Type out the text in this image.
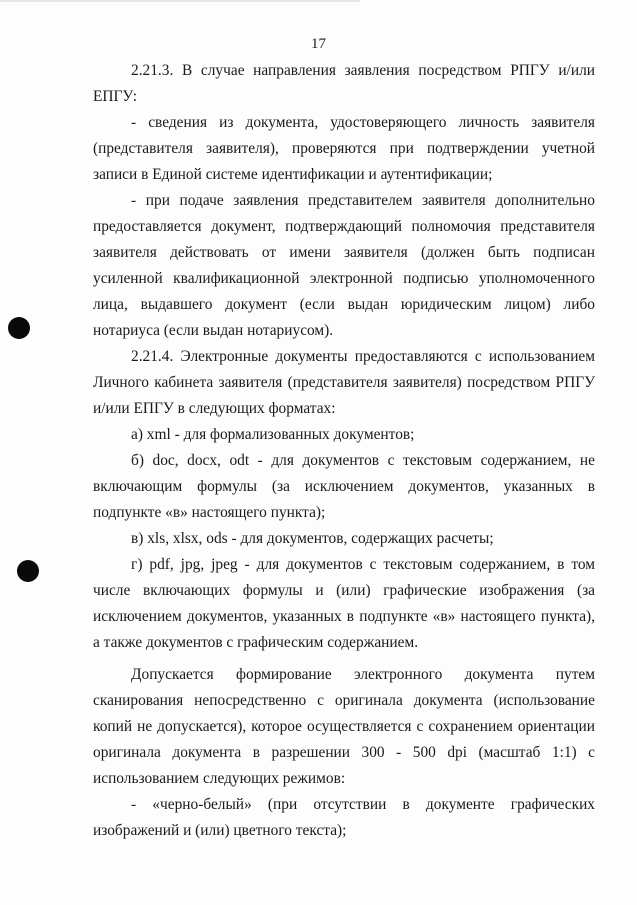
17

2.21.3. В случае направления заявления посредством РПГУ и/или ЕПГУ:

- сведения из документа, удостоверяющего личность заявителя (представителя заявителя), проверяются при подтверждении учетной записи в Единой системе идентификации и аутентификации;

- при подаче заявления представителем заявителя дополнительно предоставляется документ, подтверждающий полномочия представителя заявителя действовать от имени заявителя (должен быть подписан усиленной квалификационной электронной подписью уполномоченного лица, выдавшего документ (если выдан юридическим лицом) либо нотариуса (если выдан нотариусом).

2.21.4. Электронные документы предоставляются с использованием Личного кабинета заявителя (представителя заявителя) посредством РПГУ и/или ЕПГУ в следующих форматах:

а) xml - для формализованных документов;

б) doc, docx, odt - для документов с текстовым содержанием, не включающим формулы (за исключением документов, указанных в подпункте «в» настоящего пункта);

в) xls, xlsx, ods - для документов, содержащих расчеты;

г) pdf, jpg, jpeg - для документов с текстовым содержанием, в том числе включающих формулы и (или) графические изображения (за исключением документов, указанных в подпункте «в» настоящего пункта), а также документов с графическим содержанием.

Допускается формирование электронного документа путем сканирования непосредственно с оригинала документа (использование копий не допускается), которое осуществляется с сохранением ориентации оригинала документа в разрешении 300 - 500 dpi (масштаб 1:1) с использованием следующих режимов:

- «черно-белый» (при отсутствии в документе графических изображений и (или) цветного текста);
